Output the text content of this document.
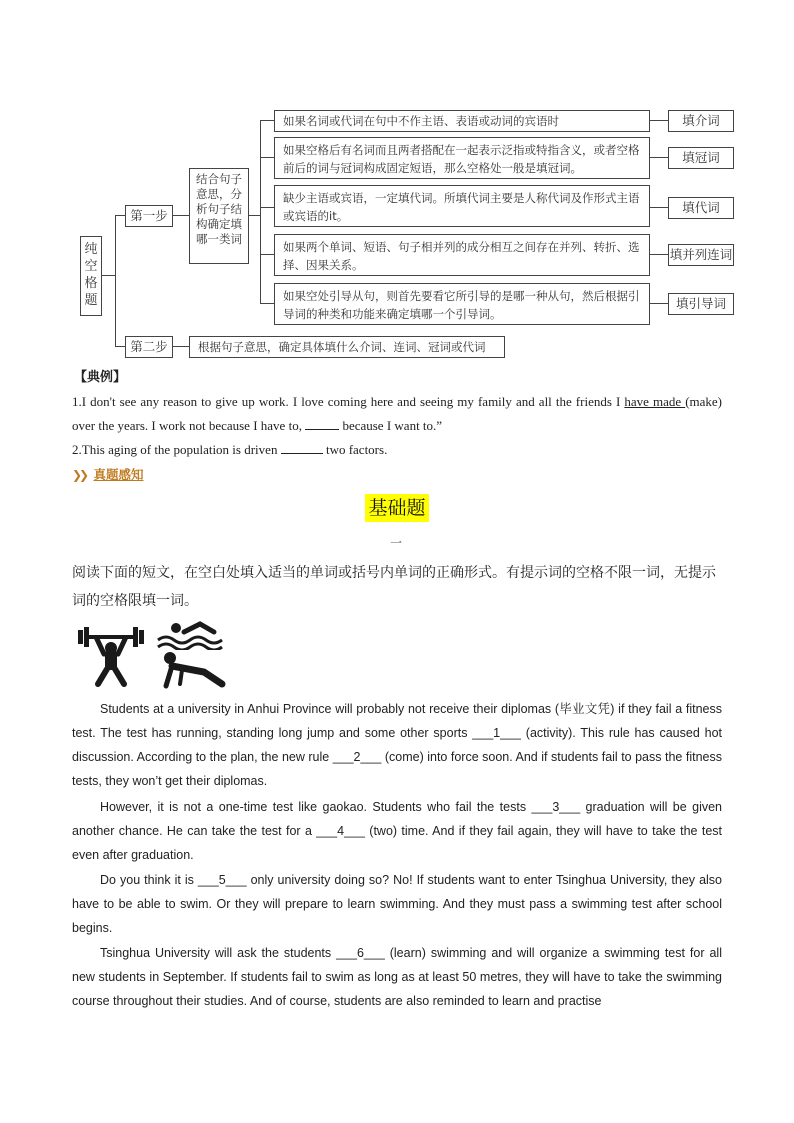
纯空格题
第一步
结合句子意思，分析句子结构确定填哪一类词
如果名词或代词在句中不作主语、表语或动词的宾语时	填介词
如果空格后有名词而且两者搭配在一起表示泛指或特指含义，或者空格前后的词与冠词构成固定短语，那么空格处一般是填冠词。
填冠词
缺少主语或宾语，一定填代词。所填代词主要是人称代词及作形式主语或宾语的it。
填代词
如果两个单词、短语、句子相并列的成分相互之间存在并列、转折、选择、因果关系。
填并列连词
如果空处引导从句，则首先要看它所引导的是哪一种从句，然后根据引导词的种类和功能来确定填哪一个引导词。
填引导词
第二步	根据句子意思，确定具体填什么介词、连词、冠词或代词
【典例】
1.I don't see any reason to give up work. I love coming here and seeing my family and all the friends I have made (make) over the years. I work not because I have to,	because I want to.”
2.This aging of the population is driven	two factors.
❯❯ 真题感知
基础题
一
阅读下面的短文，在空白处填入适当的单词或括号内单词的正确形式。有提示词的空格不限一词，无提示词的空格限填一词。
Students at a university in Anhui Province will probably not receive their diplomas (毕业文凭) if they fail a fitness test. The test has running, standing long jump and some other sports ___1___ (activity). This rule has caused hot discussion. According to the plan, the new rule ___2___ (come) into force soon. And if students fail to pass the fitness tests, they won’t get their diplomas.
However, it is not a one-time test like gaokao. Students who fail the tests ___3___ graduation will be given another chance. He can take the test for a ___4___ (two) time. And if they fail again, they will have to take the test even after graduation.
Do you think it is ___5___ only university doing so? No! If students want to enter Tsinghua University, they also have to be able to swim. Or they will prepare to learn swimming. And they must pass a swimming test after school begins.
Tsinghua University will ask the students ___6___ (learn) swimming and will organize a swimming test for all new students in September. If students fail to swim as long as at least 50 metres, they will have to take the swimming course throughout their studies. And of course, students are also reminded to learn and practise
